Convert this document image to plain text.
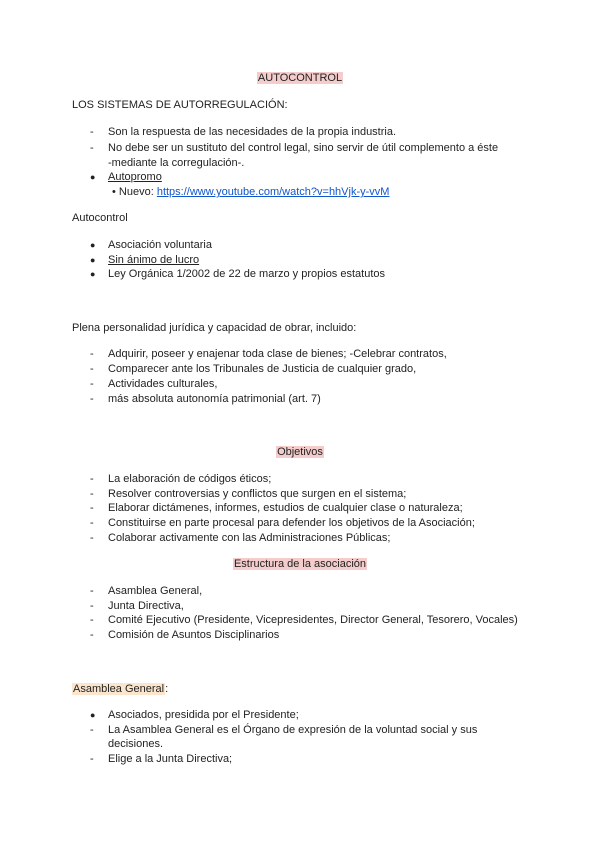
AUTOCONTROL
LOS SISTEMAS DE AUTORREGULACIÓN:
- Son la respuesta de las necesidades de la propia industria.
- No debe ser un sustituto del control legal, sino servir de útil complemento a éste
-mediante la corregulación-.
● Autopromo
• Nuevo: https://www.youtube.com/watch?v=hhVjk-y-vvM
Autocontrol
● Asociación voluntaria
● Sin ánimo de lucro
● Ley Orgánica 1/2002 de 22 de marzo y propios estatutos
Plena personalidad jurídica y capacidad de obrar, incluido:
- Adquirir, poseer y enajenar toda clase de bienes; -Celebrar contratos,
- Comparecer ante los Tribunales de Justicia de cualquier grado,
- Actividades culturales,
- más absoluta autonomía patrimonial (art. 7)
Objetivos
- La elaboración de códigos éticos;
- Resolver controversias y conflictos que surgen en el sistema;
- Elaborar dictámenes, informes, estudios de cualquier clase o naturaleza;
- Constituirse en parte procesal para defender los objetivos de la Asociación;
- Colaborar activamente con las Administraciones Públicas;
Estructura de la asociación
- Asamblea General,
- Junta Directiva,
- Comité Ejecutivo (Presidente, Vicepresidentes, Director General, Tesorero, Vocales)
- Comisión de Asuntos Disciplinarios
Asamblea General:
● Asociados, presidida por el Presidente;
- La Asamblea General es el Órgano de expresión de la voluntad social y sus
decisiones.
- Elige a la Junta Directiva;
